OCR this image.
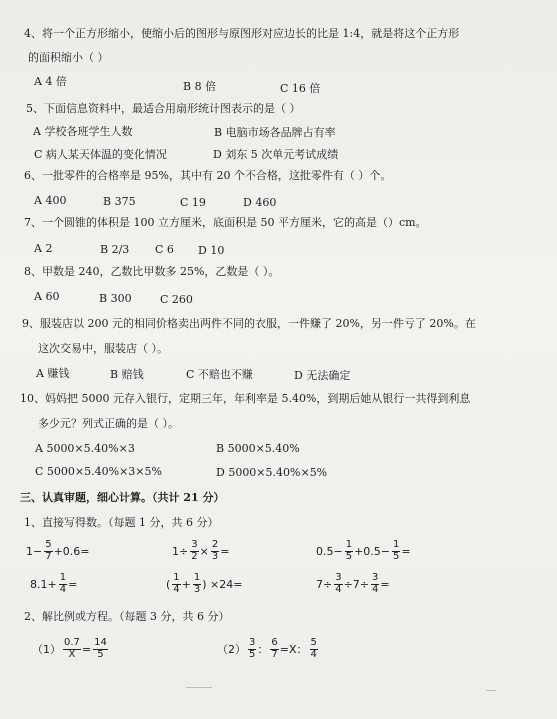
4、将一个正方形缩小，使缩小后的图形与原图形对应边长的比是 1:4，就是将这个正方形
的面积缩小（ ）
A 4 倍	B 8 倍	C 16 倍
5、下面信息资料中，最适合用扇形统计图表示的是（ ）
A 学校各班学生人数	B 电脑市场各品牌占有率
C 病人某天体温的变化情况	D 刘东 5 次单元考试成绩
6、一批零件的合格率是 95%，其中有 20 个不合格，这批零件有（ ）个。
A 400	B 375	C 19	D 460
7、一个圆锥的体积是 100 立方厘米，底面积是 50 平方厘米，它的高是（）cm。
A 2	B 2/3 C 6 D 10
8、甲数是 240，乙数比甲数多 25%，乙数是（ ）。
A 60	B 300	C 260
9、服装店以 200 元的相同价格卖出两件不同的衣服，一件赚了 20%，另一件亏了 20%。在
这次交易中，服装店（ ）。
A 赚钱	B 赔钱	C 不赔也不赚	D 无法确定
10、妈妈把 5000 元存入银行，定期三年，年利率是 5.40%，到期后她从银行一共得到利息
多少元？列式正确的是（ ）。
A 5000×5.40%×3	B 5000×5.40%
C 5000×5.40%×3×5%	D 5000×5.40%×5%
三、认真审题，细心计算。（共计 21 分）
1、直接写得数。（每题 1 分，共 6 分）
$1- \frac{5}{7} +0.6=$	$1\div \frac{3}{2} \times \frac{2}{3}$ =	$0.5- \frac{1}{5} +0.5- \frac{1}{5}$ =
$8.1+ \frac{1}{4}$ =	( $\frac{1}{4} + \frac{1}{3}$ ) ×24=	$7\div \frac{3}{4} \div 7\div \frac{3}{4}$ =
2、解比例或方程。（每题 3 分，共 6 分）
$(1) \frac{0.7}{X} = \frac{14}{5}$	$(2) \frac{3}{5}$ ： $\frac{6}{7} =X$： $\frac{5}{4}$
